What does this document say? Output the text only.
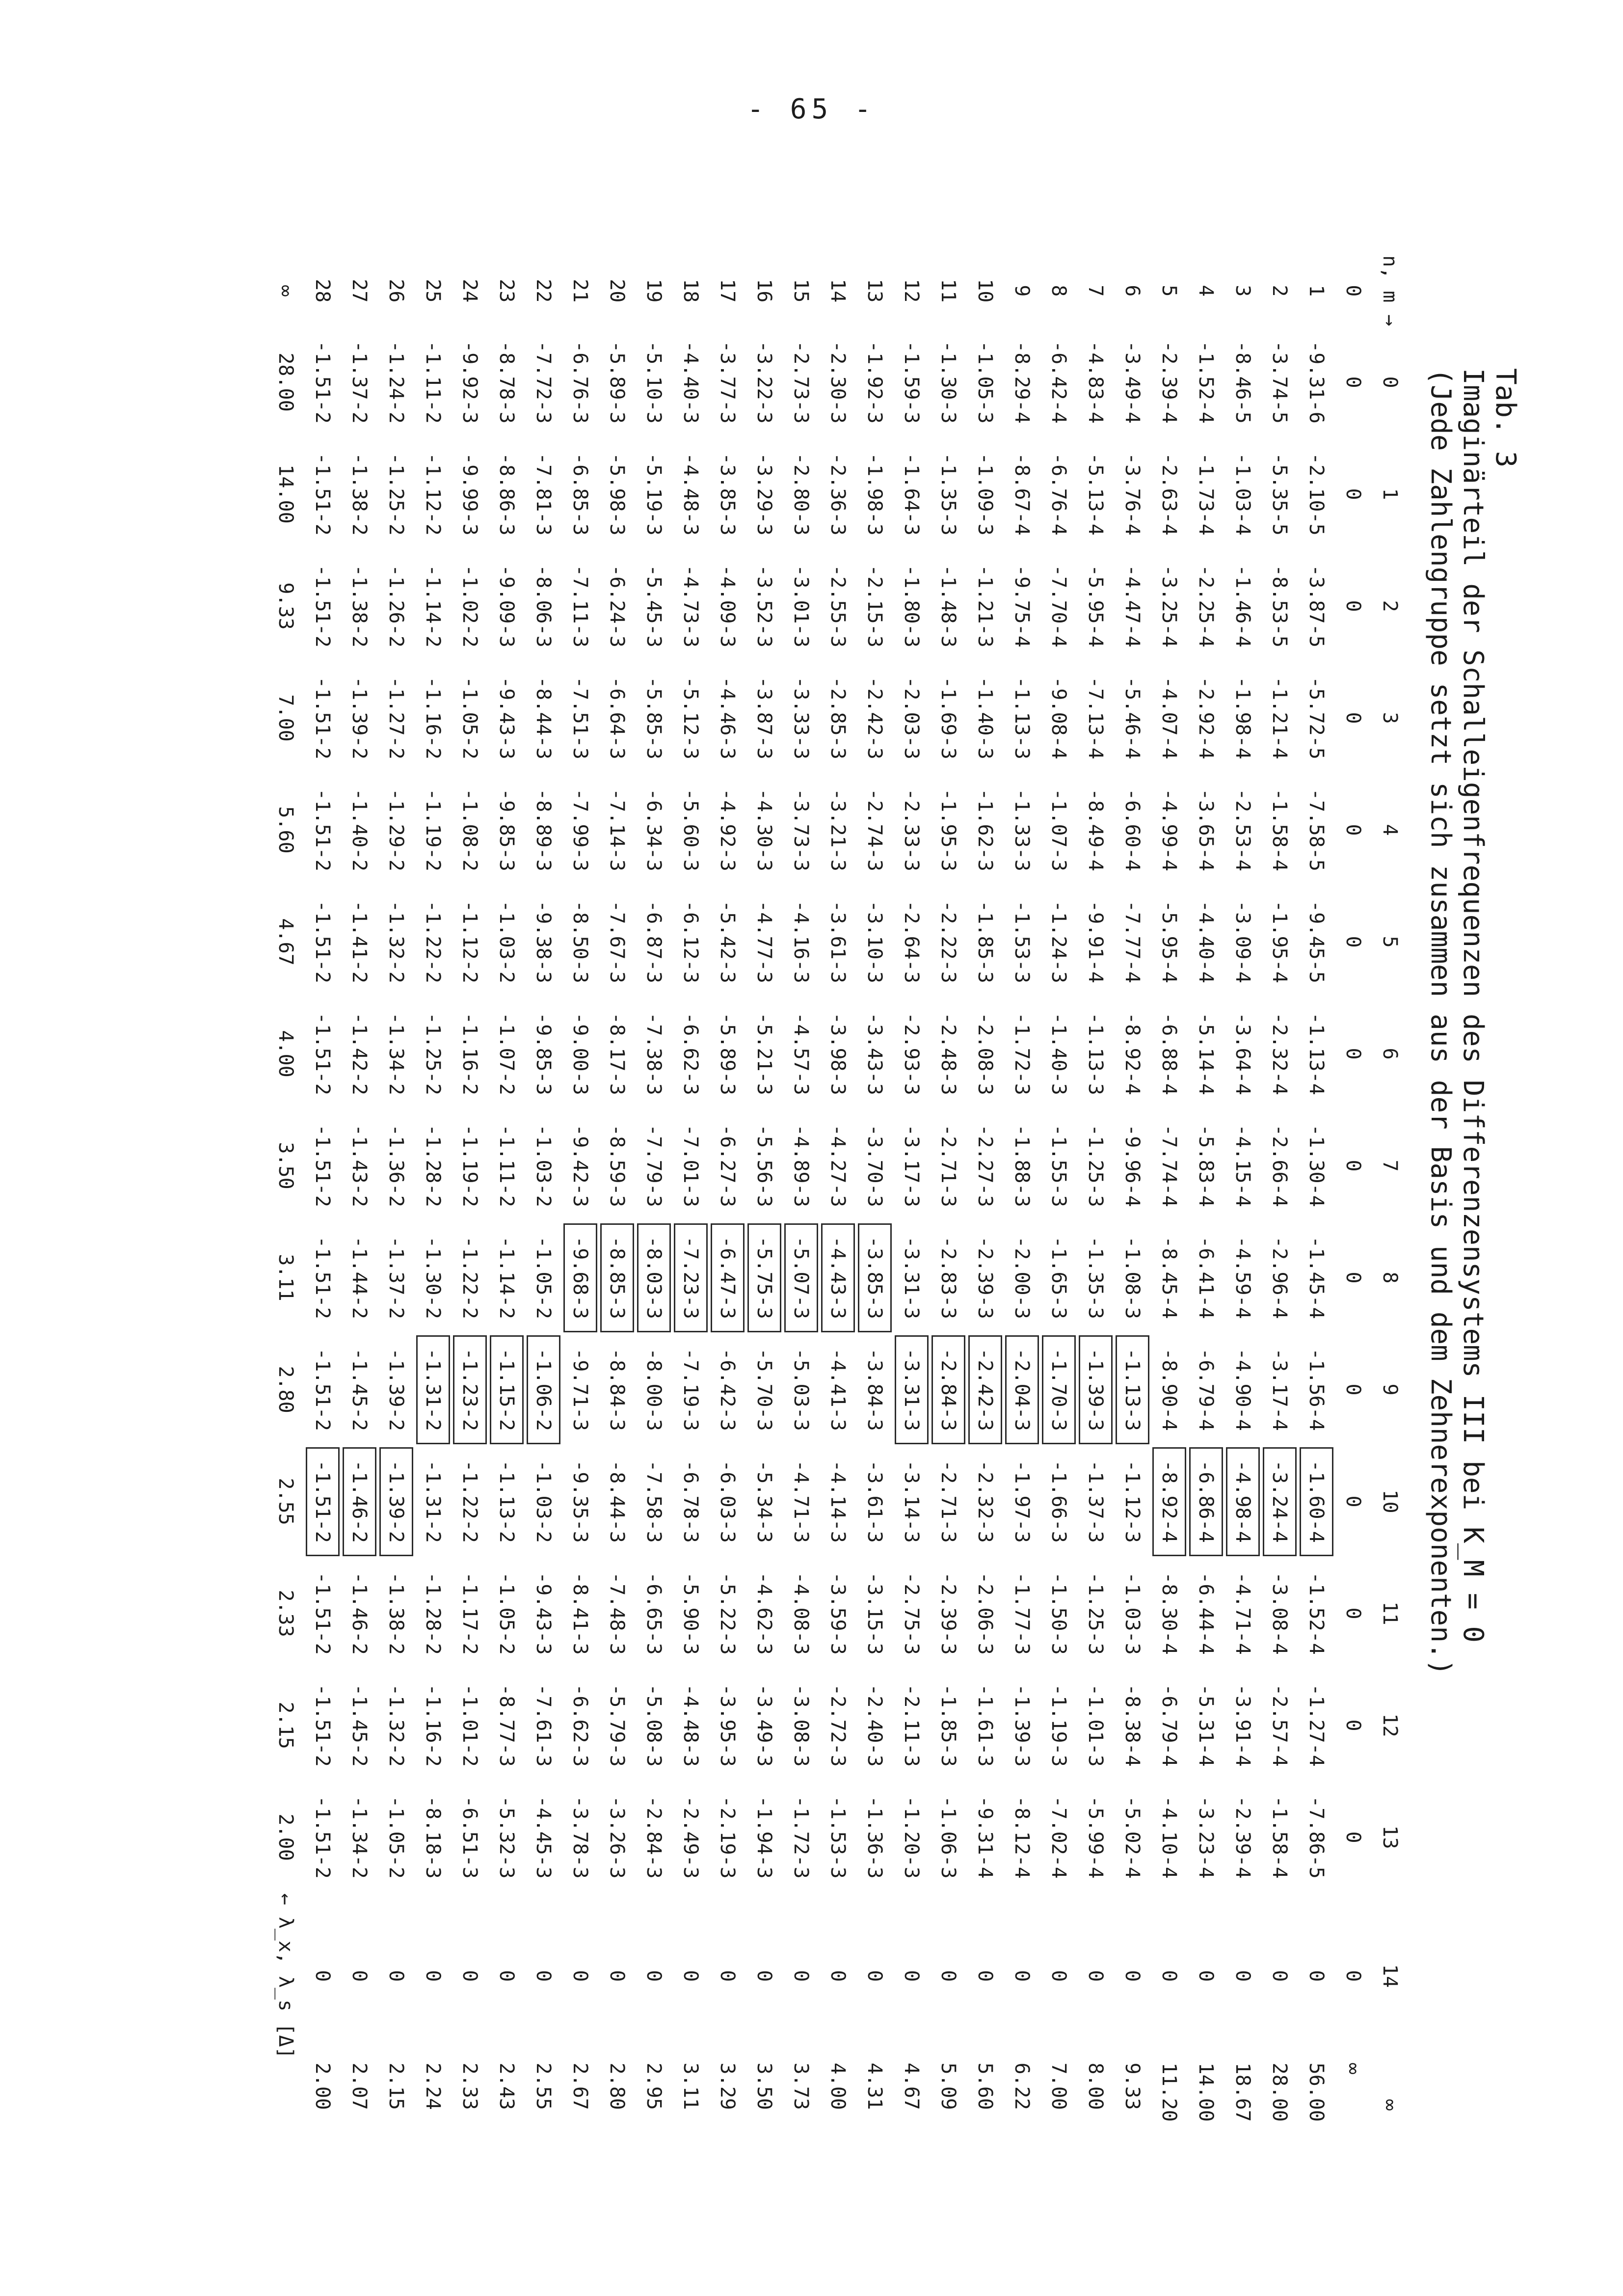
- 65 -
Tab. 3
Imaginärteil der Schalleigenfrequenzen des Differenzensystems III bei K_M = 0
(Jede Zahlengruppe setzt sich zusammen aus der Basis und dem Zehnerexponenten.)
n, m →	0	1	2	3	4	5	6	7	8	9	10	11	12	13	14	∞
0	0	0	0	0	0	0	0	0	0	0	0	0	0	0	0	∞
1	-9.31-6	-2.10-5	-3.87-5	-5.72-5	-7.58-5	-9.45-5	-1.13-4	-1.30-4	-1.45-4	-1.56-4	-1.60-4	-1.52-4	-1.27-4	-7.86-5	0	56.00
2	-3.74-5	-5.35-5	-8.53-5	-1.21-4	-1.58-4	-1.95-4	-2.32-4	-2.66-4	-2.96-4	-3.17-4	-3.24-4	-3.08-4	-2.57-4	-1.58-4	0	28.00
3	-8.46-5	-1.03-4	-1.46-4	-1.98-4	-2.53-4	-3.09-4	-3.64-4	-4.15-4	-4.59-4	-4.90-4	-4.98-4	-4.71-4	-3.91-4	-2.39-4	0	18.67
4	-1.52-4	-1.73-4	-2.25-4	-2.92-4	-3.65-4	-4.40-4	-5.14-4	-5.83-4	-6.41-4	-6.79-4	-6.86-4	-6.44-4	-5.31-4	-3.23-4	0	14.00
5	-2.39-4	-2.63-4	-3.25-4	-4.07-4	-4.99-4	-5.95-4	-6.88-4	-7.74-4	-8.45-4	-8.90-4	-8.92-4	-8.30-4	-6.79-4	-4.10-4	0	11.20
6	-3.49-4	-3.76-4	-4.47-4	-5.46-4	-6.60-4	-7.77-4	-8.92-4	-9.96-4	-1.08-3	-1.13-3	-1.12-3	-1.03-3	-8.38-4	-5.02-4	0	9.33
7	-4.83-4	-5.13-4	-5.95-4	-7.13-4	-8.49-4	-9.91-4	-1.13-3	-1.25-3	-1.35-3	-1.39-3	-1.37-3	-1.25-3	-1.01-3	-5.99-4	0	8.00
8	-6.42-4	-6.76-4	-7.70-4	-9.08-4	-1.07-3	-1.24-3	-1.40-3	-1.55-3	-1.65-3	-1.70-3	-1.66-3	-1.50-3	-1.19-3	-7.02-4	0	7.00
9	-8.29-4	-8.67-4	-9.75-4	-1.13-3	-1.33-3	-1.53-3	-1.72-3	-1.88-3	-2.00-3	-2.04-3	-1.97-3	-1.77-3	-1.39-3	-8.12-4	0	6.22
10	-1.05-3	-1.09-3	-1.21-3	-1.40-3	-1.62-3	-1.85-3	-2.08-3	-2.27-3	-2.39-3	-2.42-3	-2.32-3	-2.06-3	-1.61-3	-9.31-4	0	5.60
11	-1.30-3	-1.35-3	-1.48-3	-1.69-3	-1.95-3	-2.22-3	-2.48-3	-2.71-3	-2.83-3	-2.84-3	-2.71-3	-2.39-3	-1.85-3	-1.06-3	0	5.09
12	-1.59-3	-1.64-3	-1.80-3	-2.03-3	-2.33-3	-2.64-3	-2.93-3	-3.17-3	-3.31-3	-3.31-3	-3.14-3	-2.75-3	-2.11-3	-1.20-3	0	4.67
13	-1.92-3	-1.98-3	-2.15-3	-2.42-3	-2.74-3	-3.10-3	-3.43-3	-3.70-3	-3.85-3	-3.84-3	-3.61-3	-3.15-3	-2.40-3	-1.36-3	0	4.31
14	-2.30-3	-2.36-3	-2.55-3	-2.85-3	-3.21-3	-3.61-3	-3.98-3	-4.27-3	-4.43-3	-4.41-3	-4.14-3	-3.59-3	-2.72-3	-1.53-3	0	4.00
15	-2.73-3	-2.80-3	-3.01-3	-3.33-3	-3.73-3	-4.16-3	-4.57-3	-4.89-3	-5.07-3	-5.03-3	-4.71-3	-4.08-3	-3.08-3	-1.72-3	0	3.73
16	-3.22-3	-3.29-3	-3.52-3	-3.87-3	-4.30-3	-4.77-3	-5.21-3	-5.56-3	-5.75-3	-5.70-3	-5.34-3	-4.62-3	-3.49-3	-1.94-3	0	3.50
17	-3.77-3	-3.85-3	-4.09-3	-4.46-3	-4.92-3	-5.42-3	-5.89-3	-6.27-3	-6.47-3	-6.42-3	-6.03-3	-5.22-3	-3.95-3	-2.19-3	0	3.29
18	-4.40-3	-4.48-3	-4.73-3	-5.12-3	-5.60-3	-6.12-3	-6.62-3	-7.01-3	-7.23-3	-7.19-3	-6.78-3	-5.90-3	-4.48-3	-2.49-3	0	3.11
19	-5.10-3	-5.19-3	-5.45-3	-5.85-3	-6.34-3	-6.87-3	-7.38-3	-7.79-3	-8.03-3	-8.00-3	-7.58-3	-6.65-3	-5.08-3	-2.84-3	0	2.95
20	-5.89-3	-5.98-3	-6.24-3	-6.64-3	-7.14-3	-7.67-3	-8.17-3	-8.59-3	-8.85-3	-8.84-3	-8.44-3	-7.48-3	-5.79-3	-3.26-3	0	2.80
21	-6.76-3	-6.85-3	-7.11-3	-7.51-3	-7.99-3	-8.50-3	-9.00-3	-9.42-3	-9.68-3	-9.71-3	-9.35-3	-8.41-3	-6.62-3	-3.78-3	0	2.67
22	-7.72-3	-7.81-3	-8.06-3	-8.44-3	-8.89-3	-9.38-3	-9.85-3	-1.03-2	-1.05-2	-1.06-2	-1.03-2	-9.43-3	-7.61-3	-4.45-3	0	2.55
23	-8.78-3	-8.86-3	-9.09-3	-9.43-3	-9.85-3	-1.03-2	-1.07-2	-1.11-2	-1.14-2	-1.15-2	-1.13-2	-1.05-2	-8.77-3	-5.32-3	0	2.43
24	-9.92-3	-9.99-3	-1.02-2	-1.05-2	-1.08-2	-1.12-2	-1.16-2	-1.19-2	-1.22-2	-1.23-2	-1.22-2	-1.17-2	-1.01-2	-6.51-3	0	2.33
25	-1.11-2	-1.12-2	-1.14-2	-1.16-2	-1.19-2	-1.22-2	-1.25-2	-1.28-2	-1.30-2	-1.31-2	-1.31-2	-1.28-2	-1.16-2	-8.18-3	0	2.24
26	-1.24-2	-1.25-2	-1.26-2	-1.27-2	-1.29-2	-1.32-2	-1.34-2	-1.36-2	-1.37-2	-1.39-2	-1.39-2	-1.38-2	-1.32-2	-1.05-2	0	2.15
27	-1.37-2	-1.38-2	-1.38-2	-1.39-2	-1.40-2	-1.41-2	-1.42-2	-1.43-2	-1.44-2	-1.45-2	-1.46-2	-1.46-2	-1.45-2	-1.34-2	0	2.07
28	-1.51-2	-1.51-2	-1.51-2	-1.51-2	-1.51-2	-1.51-2	-1.51-2	-1.51-2	-1.51-2	-1.51-2	-1.51-2	-1.51-2	-1.51-2	-1.51-2	0	2.00
∞	28.00	14.00	9.33	7.00	5.60	4.67	4.00	3.50	3.11	2.80	2.55	2.33	2.15	2.00	← λ_x, λ_s [Δ]	
